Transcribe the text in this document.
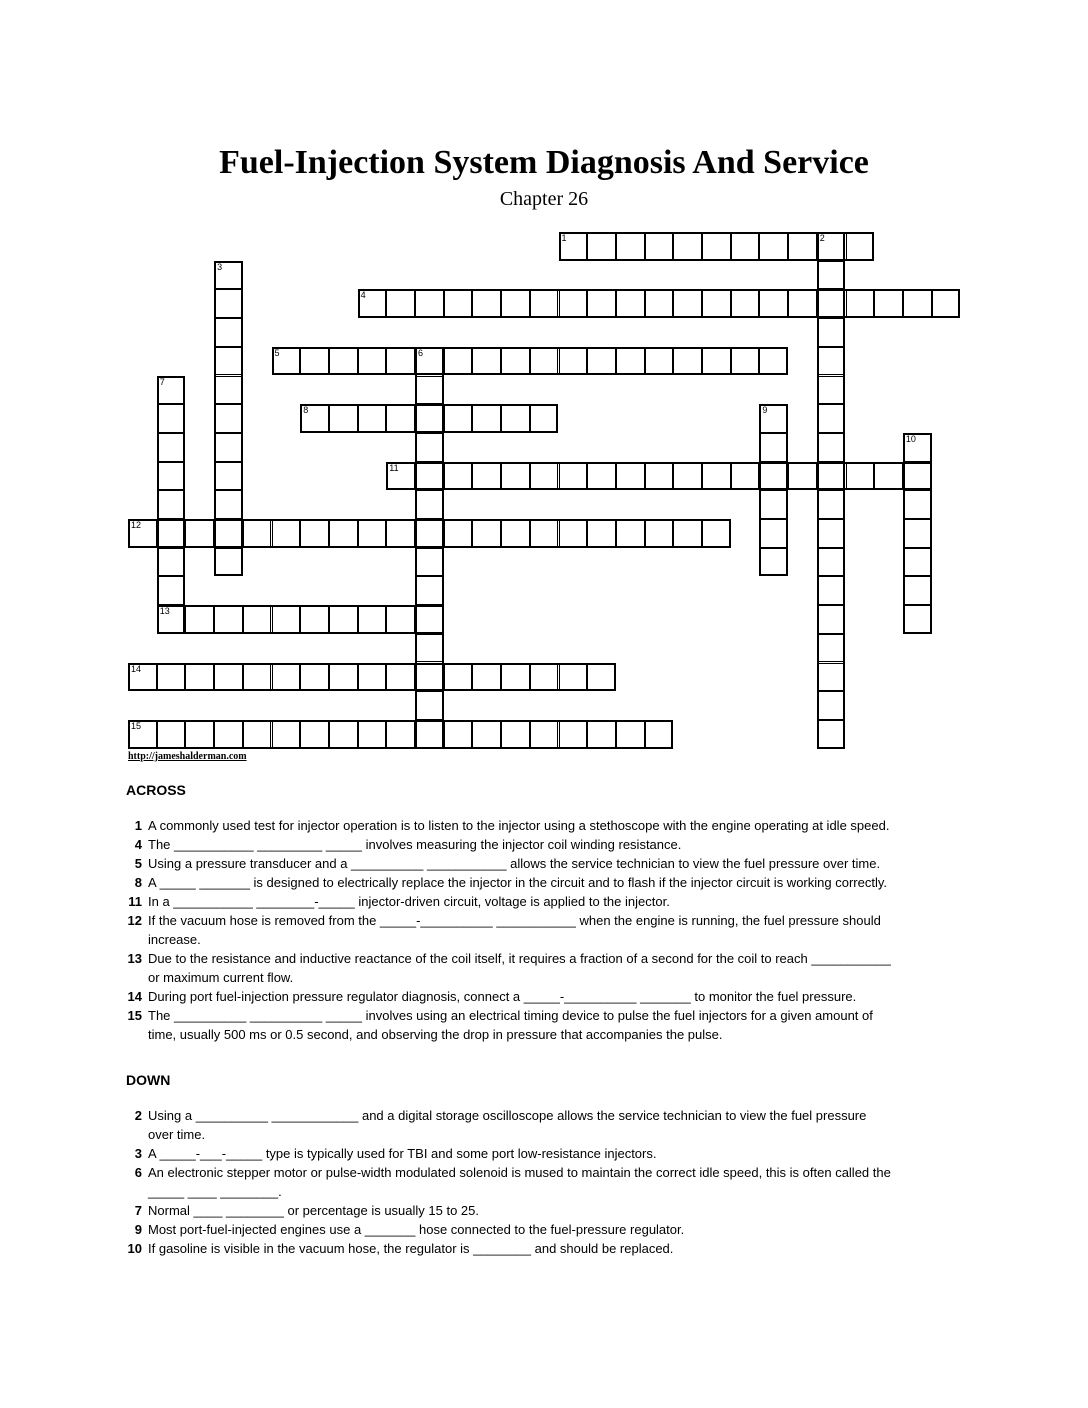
Fuel-Injection System Diagnosis And Service
Chapter 26
1	2
3
4
5	6
7
8	9
10
11
12
13
14
15
http://jameshalderman.com
ACROSS
1 A commonly used test for injector operation is to listen to the injector using a stethoscope with the engine operating at idle speed.
4 The ___________ _________ _____ involves measuring the injector coil winding resistance.
5 Using a pressure transducer and a __________ ___________ allows the service technician to view the fuel pressure over time.
8 A _____ _______ is designed to electrically replace the injector in the circuit and to flash if the injector circuit is working correctly.
11 In a ___________ ________-_____ injector-driven circuit, voltage is applied to the injector.
12 If the vacuum hose is removed from the _____-__________ ___________ when the engine is running, the fuel pressure should increase.
13 Due to the resistance and inductive reactance of the coil itself, it requires a fraction of a second for the coil to reach ___________ or maximum current flow.
14 During port fuel-injection pressure regulator diagnosis, connect a _____-__________ _______ to monitor the fuel pressure.
15 The __________ __________ _____ involves using an electrical timing device to pulse the fuel injectors for a given amount of time, usually 500 ms or 0.5 second, and observing the drop in pressure that accompanies the pulse.
DOWN
2 Using a __________ ____________ and a digital storage oscilloscope allows the service technician to view the fuel pressure over time.
3 A _____-___-_____ type is typically used for TBI and some port low-resistance injectors.
6 An electronic stepper motor or pulse-width modulated solenoid is mused to maintain the correct idle speed, this is often called the _____ ____ ________.
7 Normal ____ ________ or percentage is usually 15 to 25.
9 Most port-fuel-injected engines use a _______ hose connected to the fuel-pressure regulator.
10 If gasoline is visible in the vacuum hose, the regulator is ________ and should be replaced.
